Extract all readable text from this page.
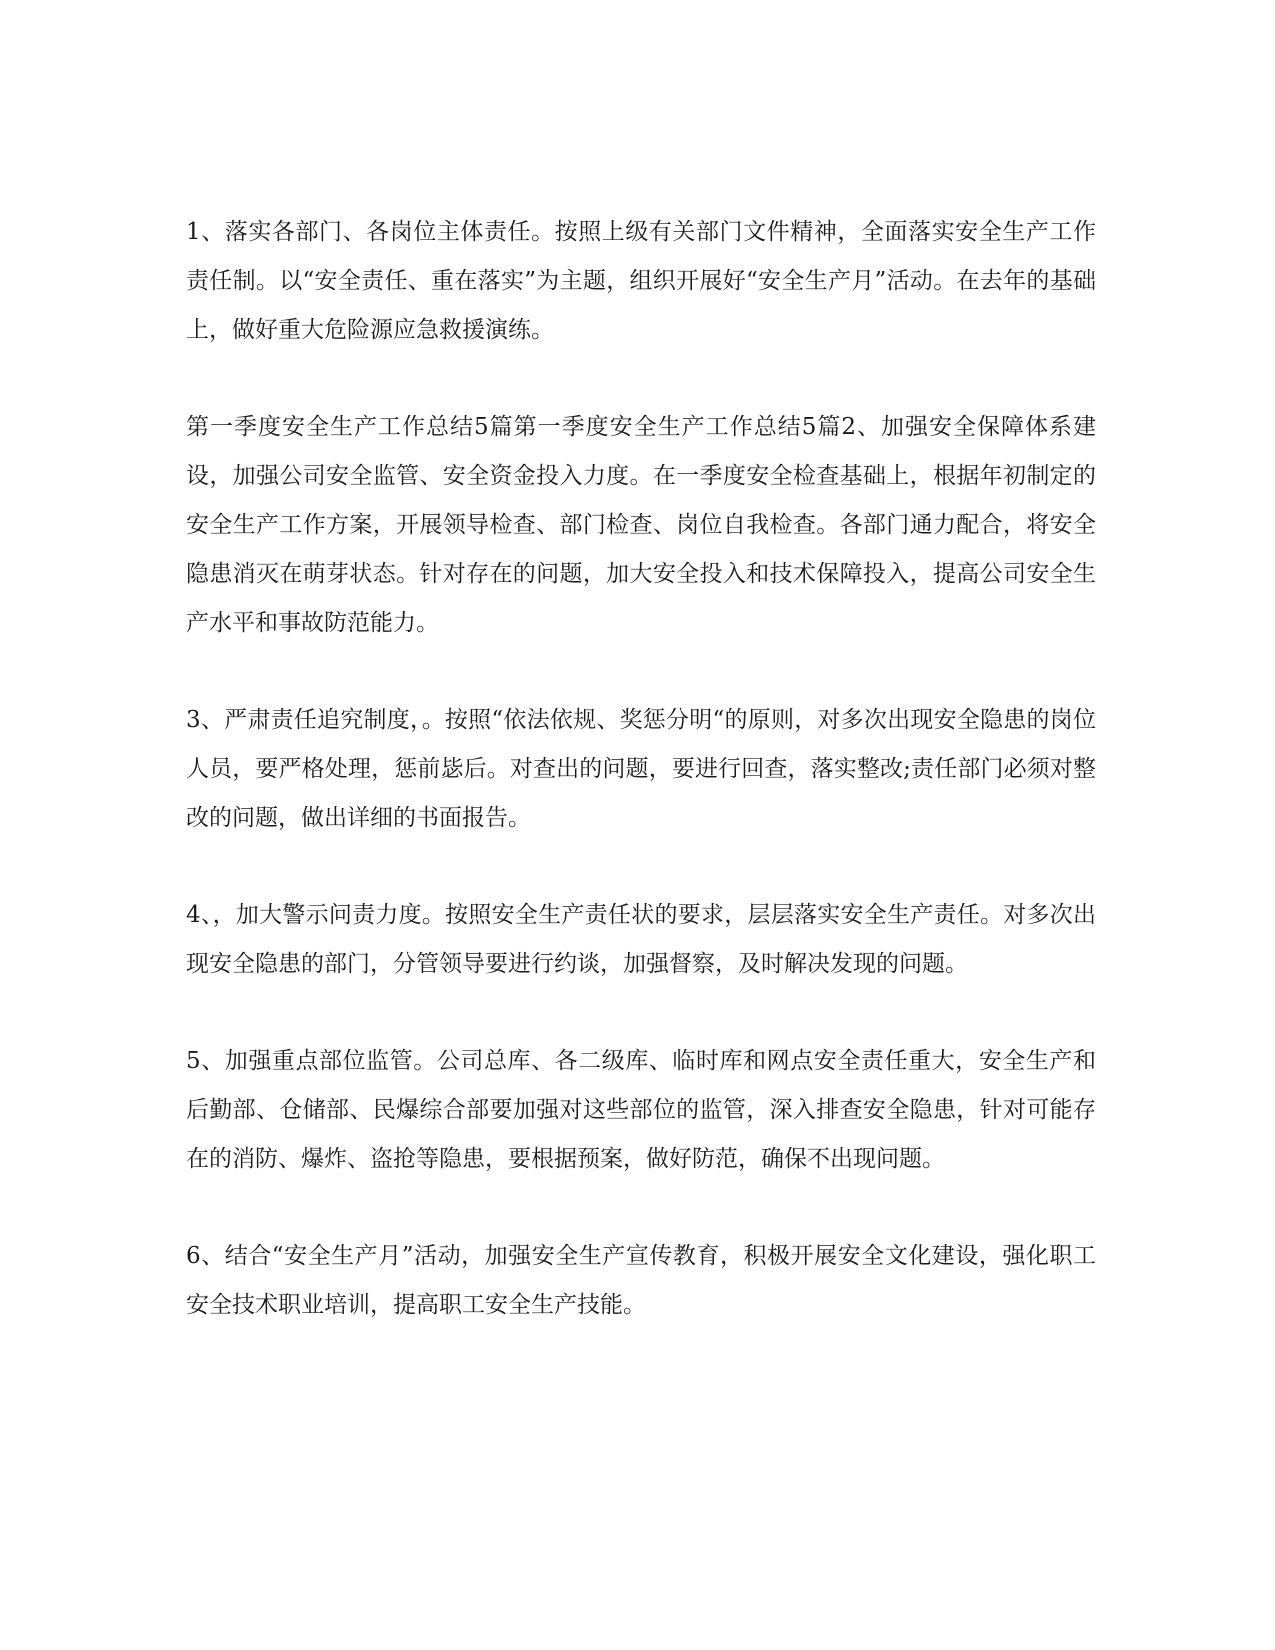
1、落实各部门、各岗位主体责任。按照上级有关部门文件精神，全面落实安全生产工作责任制。以“安全责任、重在落实”为主题，组织开展好“安全生产月”活动。在去年的基础上，做好重大危险源应急救援演练。

第一季度安全生产工作总结5篇第一季度安全生产工作总结5篇2、加强安全保障体系建设，加强公司安全监管、安全资金投入力度。在一季度安全检查基础上，根据年初制定的安全生产工作方案，开展领导检查、部门检查、岗位自我检查。各部门通力配合，将安全隐患消灭在萌芽状态。针对存在的问题，加大安全投入和技术保障投入，提高公司安全生产水平和事故防范能力。

3、严肃责任追究制度，。按照“依法依规、奖惩分明“的原则，对多次出现安全隐患的岗位人员，要严格处理，惩前毖后。对查出的问题，要进行回查，落实整改;责任部门必须对整改的问题，做出详细的书面报告。

4、，加大警示问责力度。按照安全生产责任状的要求，层层落实安全生产责任。对多次出现安全隐患的部门，分管领导要进行约谈，加强督察，及时解决发现的问题。

5、加强重点部位监管。公司总库、各二级库、临时库和网点安全责任重大，安全生产和后勤部、仓储部、民爆综合部要加强对这些部位的监管，深入排查安全隐患，针对可能存在的消防、爆炸、盗抢等隐患，要根据预案，做好防范，确保不出现问题。

6、结合“安全生产月”活动，加强安全生产宣传教育，积极开展安全文化建设，强化职工安全技术职业培训，提高职工安全生产技能。
